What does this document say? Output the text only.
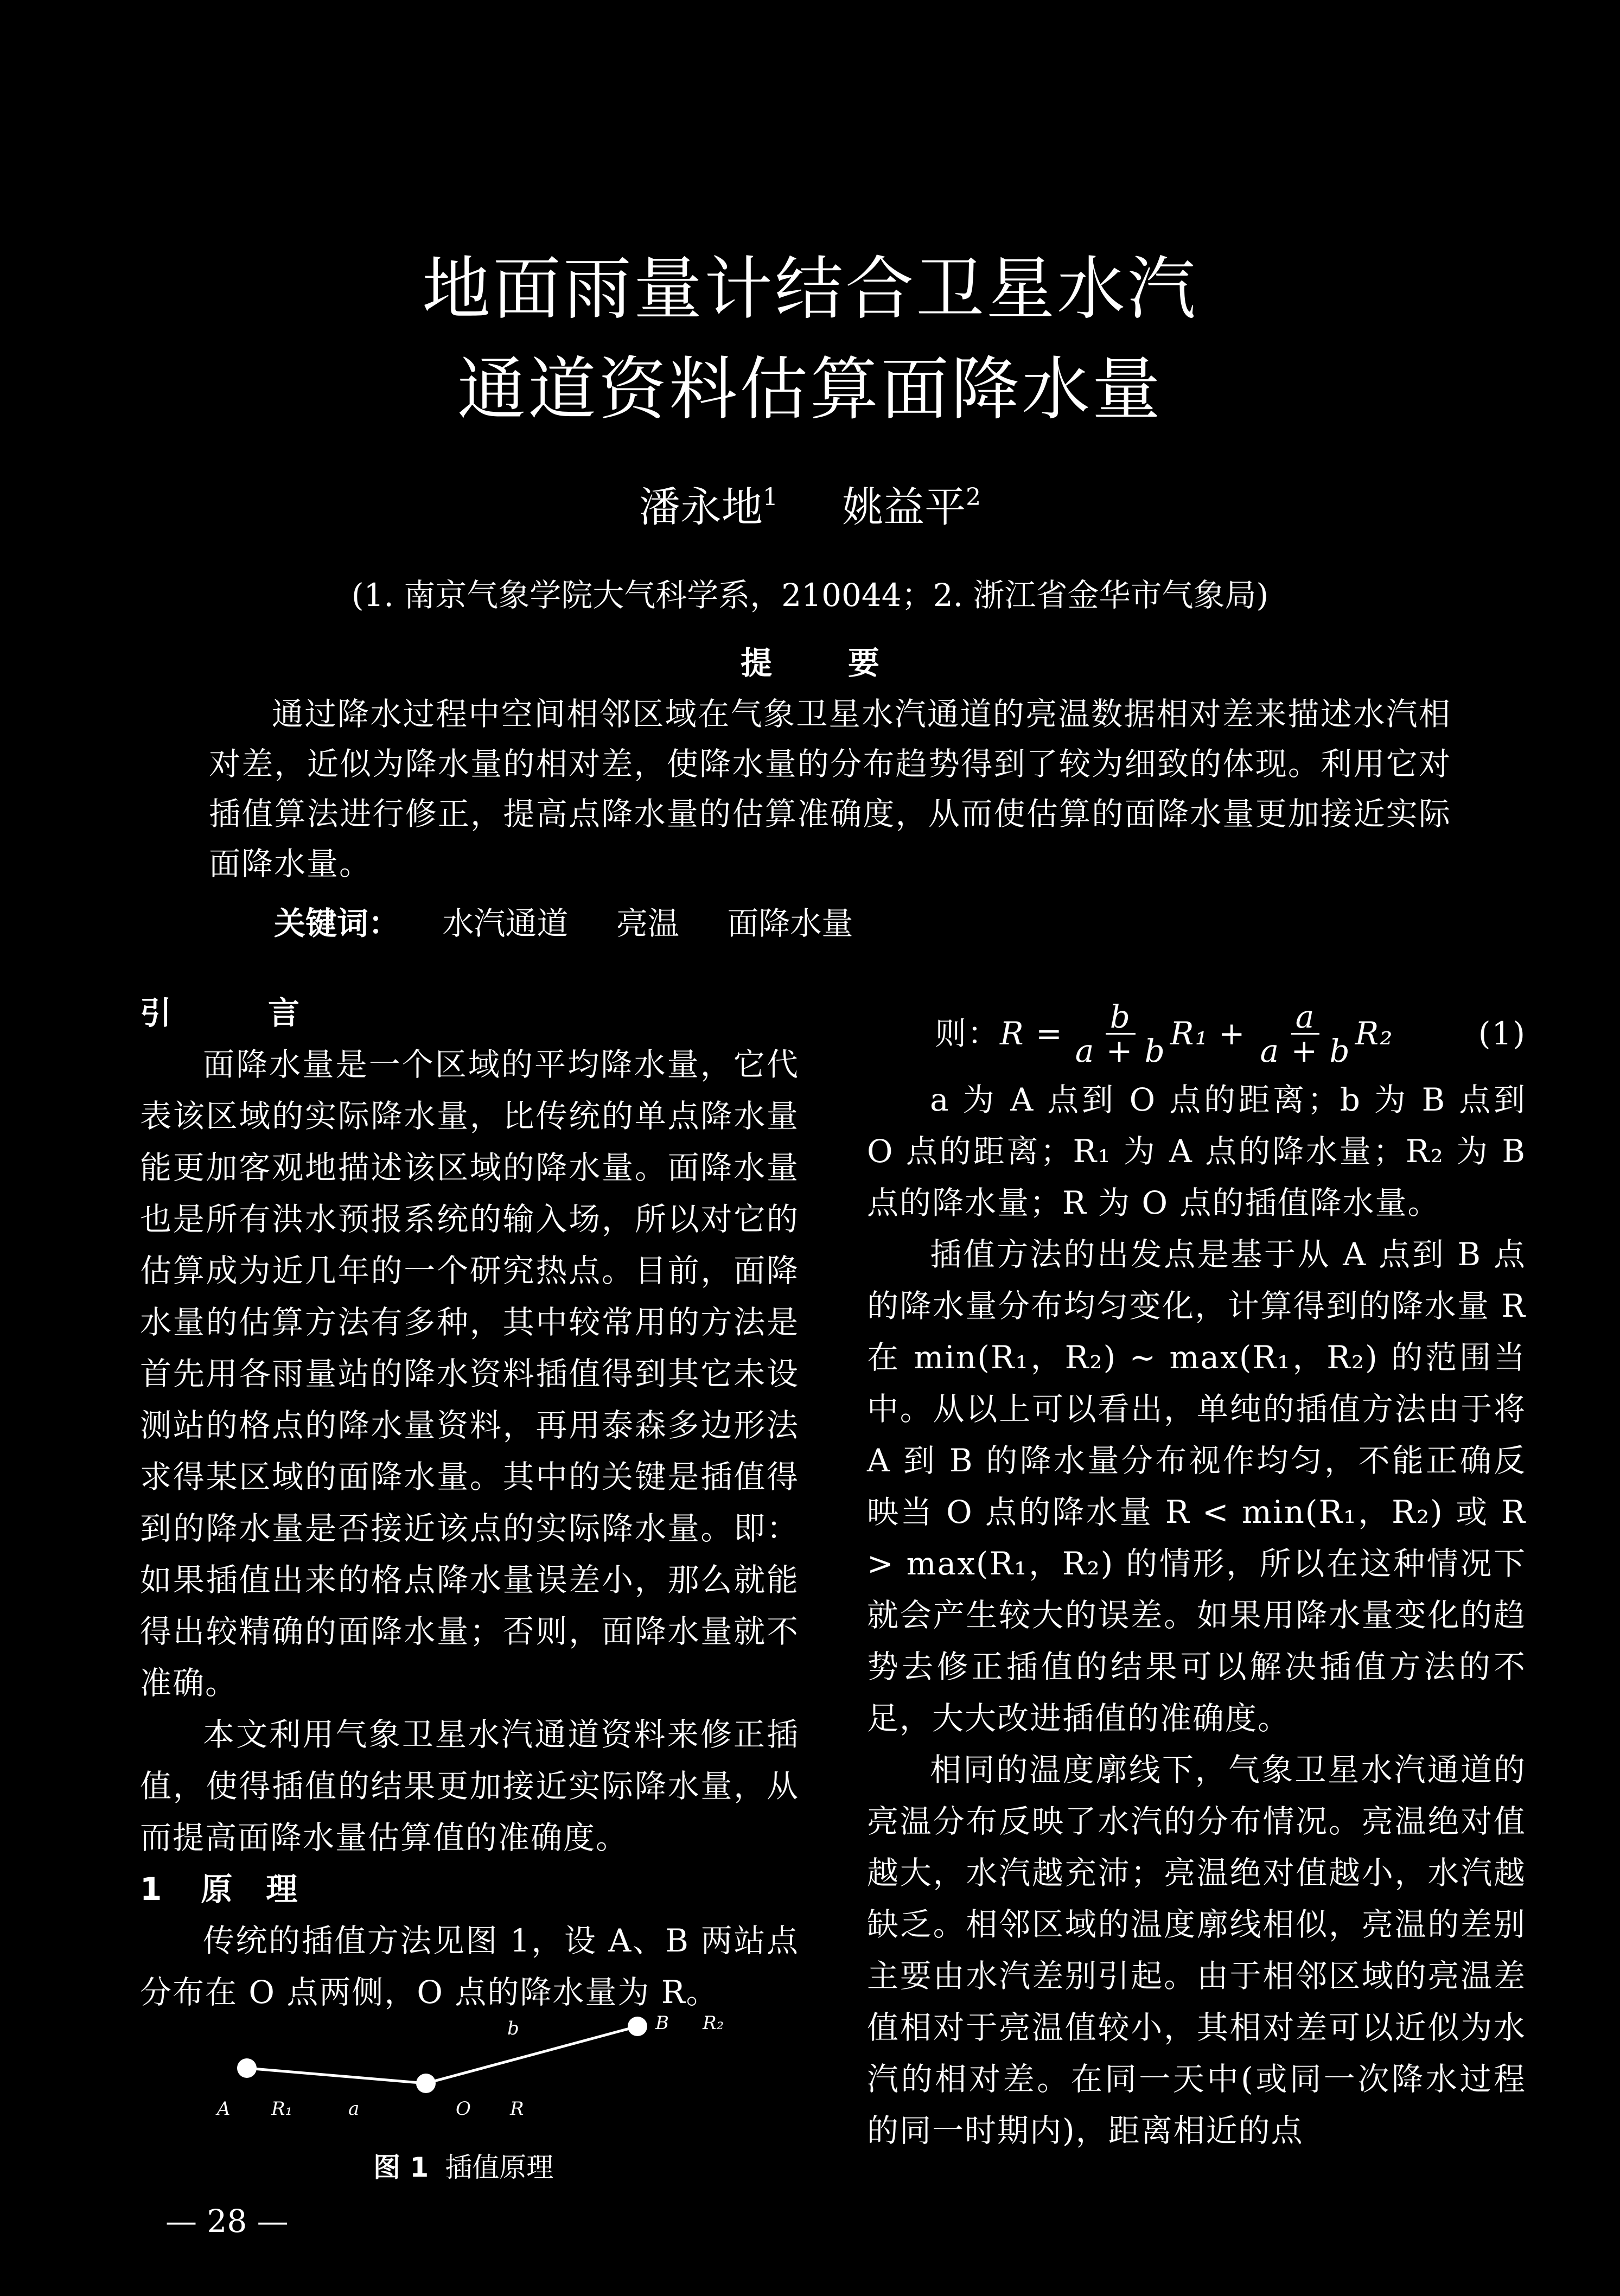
地面雨量计结合卫星水汽
通道资料估算面降水量
潘永地$^1$ 姚益平$^2$
(1. 南京气象学院大气科学系，210044；2. 浙江省金华市气象局)
提要

通过降水过程中空间相邻区域在气象卫星水汽通道的亮温数据相对差来描述水汽相对差，近似为降水量的相对差，使降水量的分布趋势得到了较为细致的体现。利用它对插值算法进行修正，提高点降水量的估算准确度，从而使估算的面降水量更加接近实际面降水量。

关键词： 水汽通道 亮温 面降水量
引　言

面降水量是一个区域的平均降水量，它代表该区域的实际降水量，比传统的单点降水量能更加客观地描述该区域的降水量。面降水量也是所有洪水预报系统的输入场，所以对它的估算成为近几年的一个研究热点。目前，面降水量的估算方法有多种，其中较常用的方法是首先用各雨量站的降水资料插值得到其它未设测站的格点的降水量资料，再用泰森多边形法求得某区域的面降水量。其中的关键是插值得到的降水量是否接近该点的实际降水量。即：如果插值出来的格点降水量误差小，那么就能得出较精确的面降水量；否则，面降水量就不准确。

本文利用气象卫星水汽通道资料来修正插值，使得插值的结果更加接近实际降水量，从而提高面降水量估算值的准确度。

1 原　理

传统的插值方法见图 1，设 A、B 两站点分布在 O 点两侧，O 点的降水量为 R。

A R₁	a	O R
b	B R₂
图 1 插值原理
则： $R = \frac{b}{a + b} R_1 + \frac{a}{a + b} R_2$	(1)

a 为 A 点到 O 点的距离；b 为 B 点到 O 点的距离；R₁ 为 A 点的降水量；R₂ 为 B 点的降水量；R 为 O 点的插值降水量。

插值方法的出发点是基于从 A 点到 B 点的降水量分布均匀变化，计算得到的降水量 R 在 min(R₁，R₂) ~ max(R₁，R₂) 的范围当中。从以上可以看出，单纯的插值方法由于将 A 到 B 的降水量分布视作均匀，不能正确反映当 O 点的降水量 R < min(R₁，R₂) 或 R > max(R₁，R₂) 的情形，所以在这种情况下就会产生较大的误差。如果用降水量变化的趋势去修正插值的结果可以解决插值方法的不足，大大改进插值的准确度。

相同的温度廓线下，气象卫星水汽通道的亮温分布反映了水汽的分布情况。亮温绝对值越大，水汽越充沛；亮温绝对值越小，水汽越缺乏。相邻区域的温度廓线相似，亮温的差别主要由水汽差别引起。由于相邻区域的亮温差值相对于亮温值较小，其相对差可以近似为水汽的相对差。在同一天中(或同一次降水过程的同一时期内)，距离相近的点

— 28 —
